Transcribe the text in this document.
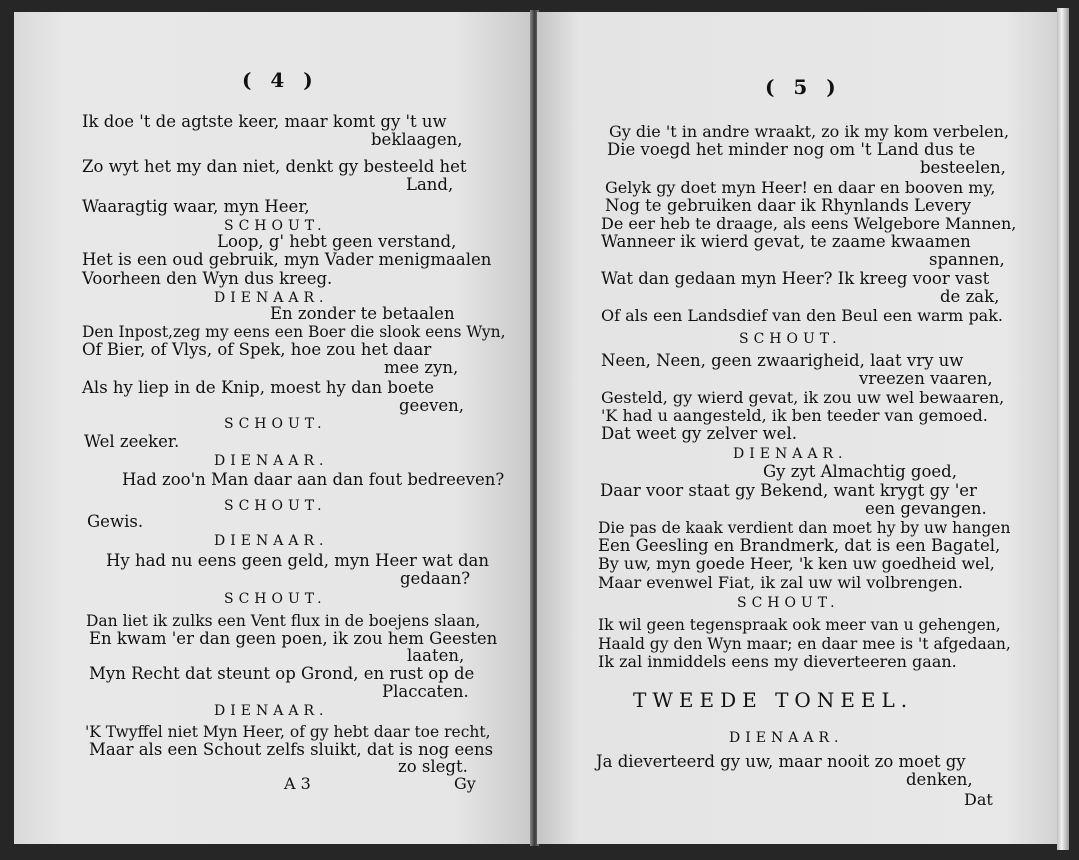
( 4 )
Ik doe 't de agtste keer, maar komt gy 't uw
beklaagen,
Zo wyt het my dan niet, denkt gy besteeld het
Land,
Waaragtig waar, myn Heer,
SCHOUT.
Loop, g' hebt geen verstand,
Het is een oud gebruik, myn Vader menigmaalen
Voorheen den Wyn dus kreeg.
DIENAAR.
En zonder te betaalen
Den Inpost,zeg my eens een Boer die slook eens Wyn,
Of Bier, of Vlys, of Spek, hoe zou het daar
mee zyn,
Als hy liep in de Knip, moest hy dan boete
geeven,
SCHOUT.
Wel zeeker.
DIENAAR.
Had zoo'n Man daar aan dan fout bedreeven?
SCHOUT.
Gewis.
DIENAAR.
Hy had nu eens geen geld, myn Heer wat dan
gedaan?
SCHOUT.
Dan liet ik zulks een Vent flux in de boejens slaan,
En kwam 'er dan geen poen, ik zou hem Geesten
laaten,
Myn Recht dat steunt op Grond, en rust op de
Placcaten.
DIENAAR.
'K Twyffel niet Myn Heer, of gy hebt daar toe recht,
Maar als een Schout zelfs sluikt, dat is nog eens
zo slegt.
A 3	Gy
( 5 )
Gy die 't in andre wraakt, zo ik my kom verbelen,
Die voegd het minder nog om 't Land dus te
besteelen,
Gelyk gy doet myn Heer! en daar en booven my,
Nog te gebruiken daar ik Rhynlands Levery
De eer heb te draage, als eens Welgebore Mannen,
Wanneer ik wierd gevat, te zaame kwaamen
spannen,
Wat dan gedaan myn Heer? Ik kreeg voor vast
de zak,
Of als een Landsdief van den Beul een warm pak.
SCHOUT.
Neen, Neen, geen zwaarigheid, laat vry uw
vreezen vaaren,
Gesteld, gy wierd gevat, ik zou uw wel bewaaren,
'K had u aangesteld, ik ben teeder van gemoed.
Dat weet gy zelver wel.
DIENAAR.
Gy zyt Almachtig goed,
Daar voor staat gy Bekend, want krygt gy 'er
een gevangen.
Die pas de kaak verdient dan moet hy by uw hangen
Een Geesling en Brandmerk, dat is een Bagatel,
By uw, myn goede Heer, 'k ken uw goedheid wel,
Maar evenwel Fiat, ik zal uw wil volbrengen.
SCHOUT.
Ik wil geen tegenspraak ook meer van u gehengen,
Haald gy den Wyn maar; en daar mee is 't afgedaan,
Ik zal inmiddels eens my dieverteeren gaan.
TWEEDE TONEEL.
DIENAAR.
Ja dieverteerd gy uw, maar nooit zo moet gy
denken,
Dat
